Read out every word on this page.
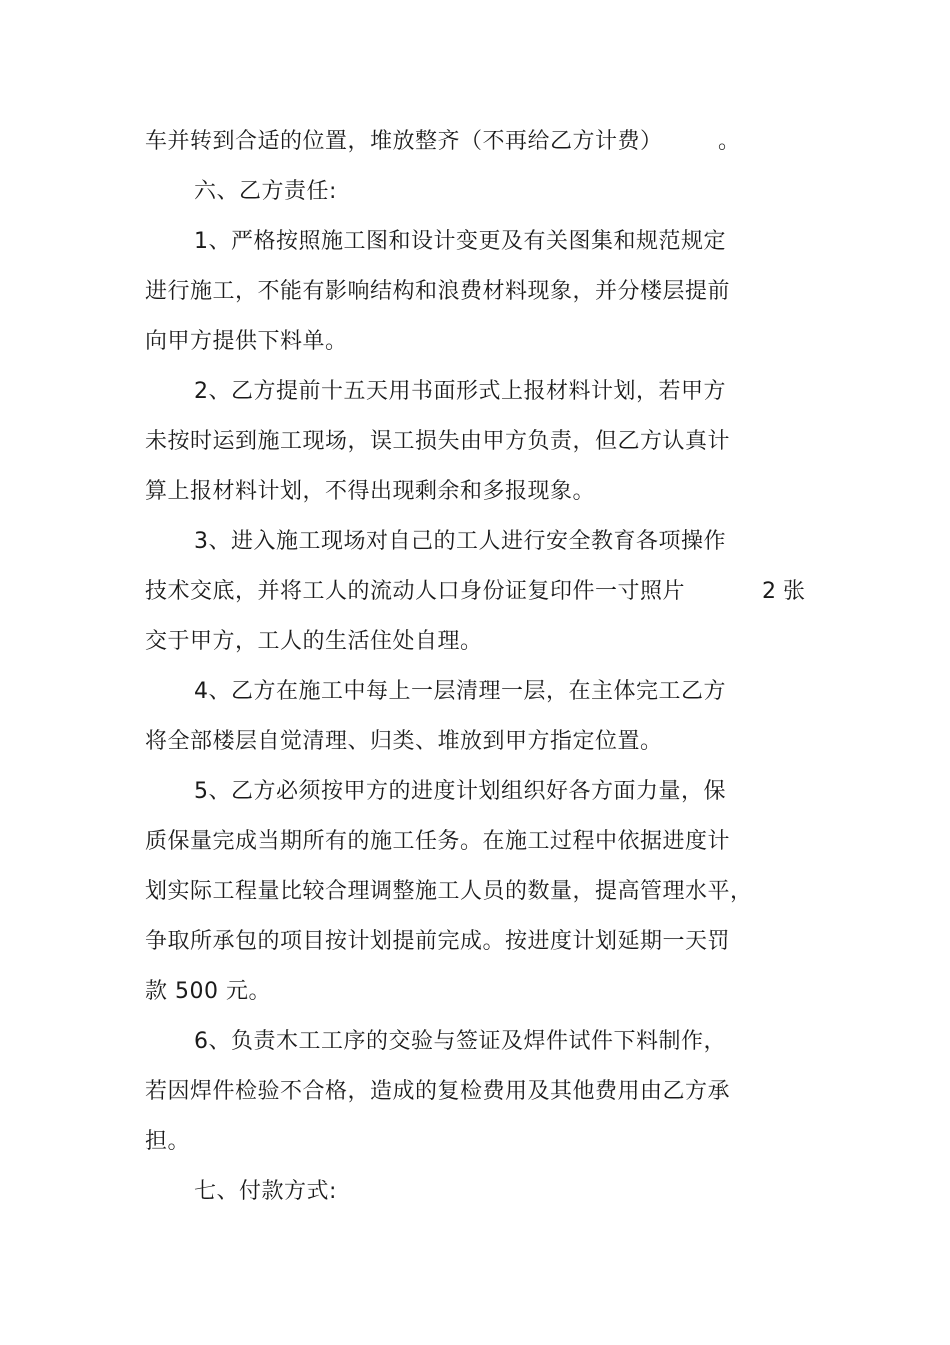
车并转到合适的位置，堆放整齐（不再给乙方计费）	。
六、乙方责任:
1、严格按照施工图和设计变更及有关图集和规范规定
进行施工，不能有影响结构和浪费材料现象，并分楼层提前
向甲方提供下料单。
2、乙方提前十五天用书面形式上报材料计划，若甲方
未按时运到施工现场，误工损失由甲方负责，但乙方认真计
算上报材料计划，不得出现剩余和多报现象。
3、进入施工现场对自己的工人进行安全教育各项操作
技术交底，并将工人的流动人口身份证复印件一寸照片	2 张
交于甲方，工人的生活住处自理。
4、乙方在施工中每上一层清理一层，在主体完工乙方
将全部楼层自觉清理、归类、堆放到甲方指定位置。
5、乙方必须按甲方的进度计划组织好各方面力量，保
质保量完成当期所有的施工任务。在施工过程中依据进度计
划实际工程量比较合理调整施工人员的数量，提高管理水平，
争取所承包的项目按计划提前完成。按进度计划延期一天罚
款 500 元。
6、负责木工工序的交验与签证及焊件试件下料制作，
若因焊件检验不合格，造成的复检费用及其他费用由乙方承
担。
七、付款方式:
